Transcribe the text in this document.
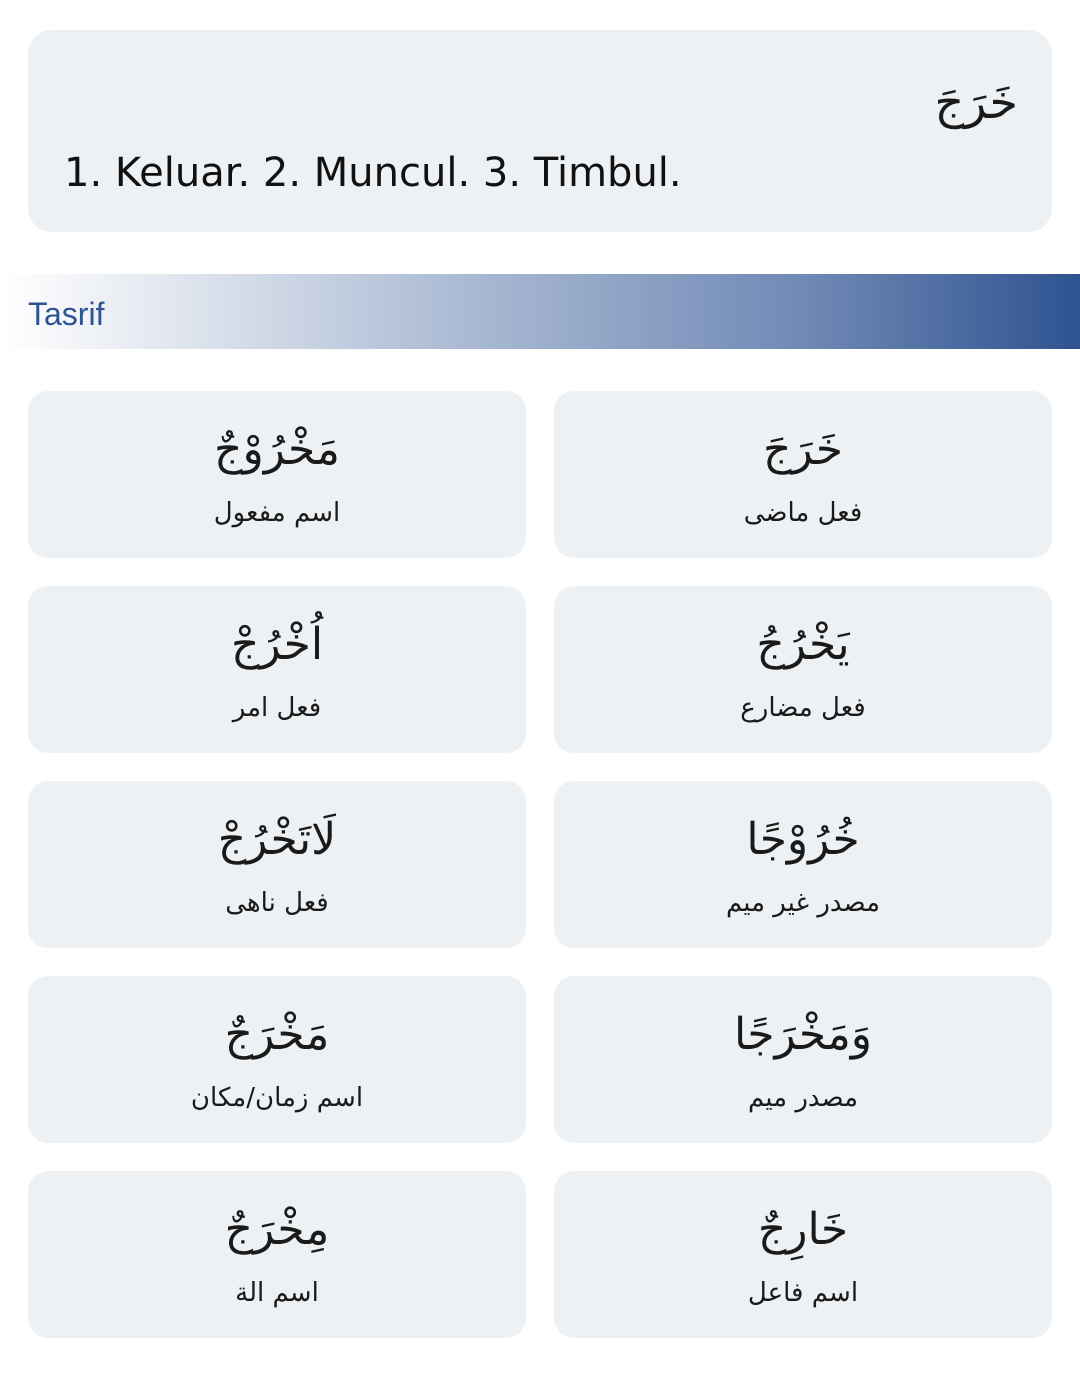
خَرَجَ
1. Keluar. 2. Muncul. 3. Timbul.
Tasrif
مَخْرُوْجٌ
اسم مفعول
خَرَجَ
فعل ماضى
اُخْرُجْ
فعل امر
يَخْرُجُ
فعل مضارع
لَاتَخْرُجْ
فعل ناهى
خُرُوْجًا
مصدر غير ميم
مَخْرَجٌ
اسم زمان/مكان
وَمَخْرَجًا
مصدر ميم
مِخْرَجٌ
اسم الة
خَارِجٌ
اسم فاعل
